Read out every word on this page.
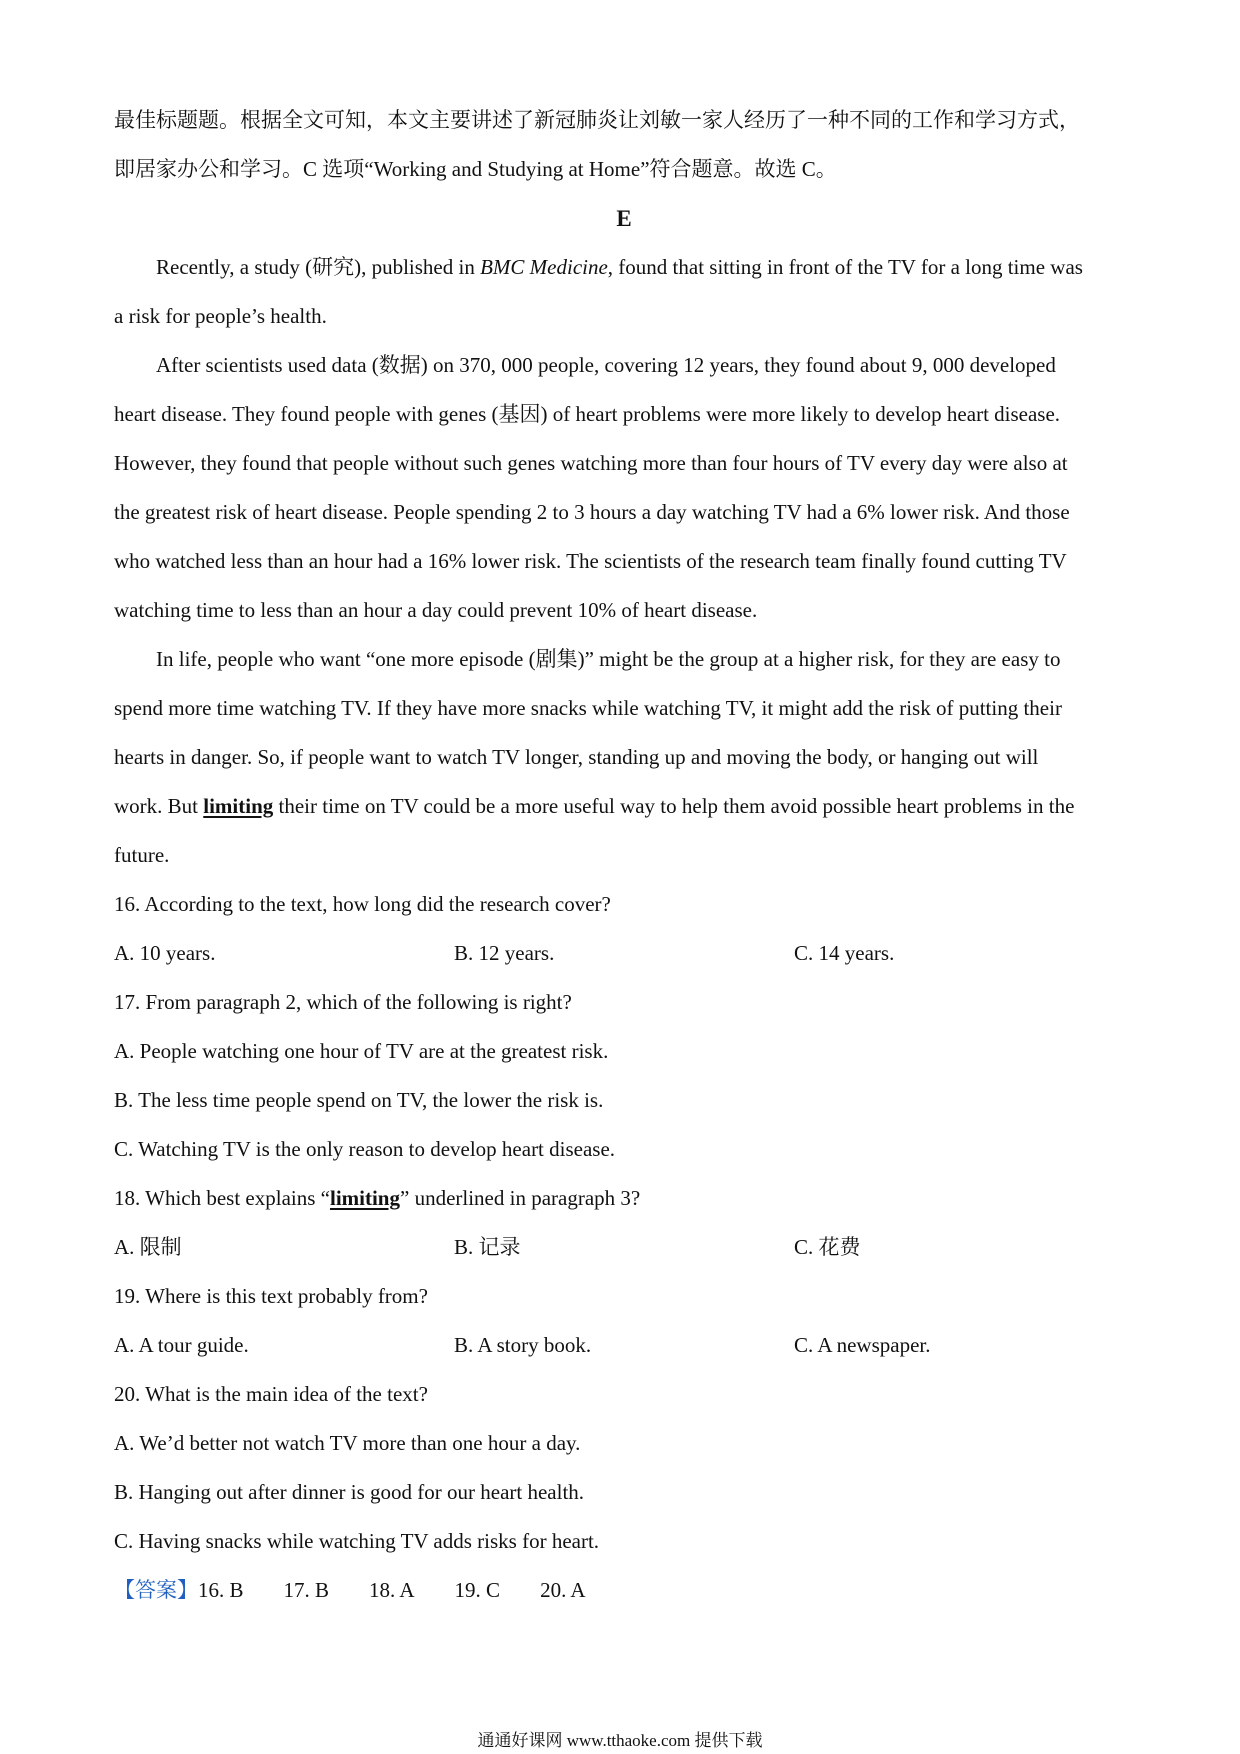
最佳标题题。根据全文可知，本文主要讲述了新冠肺炎让刘敏一家人经历了一种不同的工作和学习方式，
即居家办公和学习。C 选项“Working and Studying at Home”符合题意。故选 C。
E
Recently, a study (研究), published in BMC Medicine, found that sitting in front of the TV for a long time was
a risk for people’s health.
After scientists used data (数据) on 370, 000 people, covering 12 years, they found about 9, 000 developed
heart disease. They found people with genes (基因) of heart problems were more likely to develop heart disease.
However, they found that people without such genes watching more than four hours of TV every day were also at
the greatest risk of heart disease. People spending 2 to 3 hours a day watching TV had a 6% lower risk. And those
who watched less than an hour had a 16% lower risk. The scientists of the research team finally found cutting TV
watching time to less than an hour a day could prevent 10% of heart disease.
In life, people who want “one more episode (剧集)” might be the group at a higher risk, for they are easy to
spend more time watching TV. If they have more snacks while watching TV, it might add the risk of putting their
hearts in danger. So, if people want to watch TV longer, standing up and moving the body, or hanging out will
work. But limiting their time on TV could be a more useful way to help them avoid possible heart problems in the
future.
16. According to the text, how long did the research cover?
A. 10 years.	B. 12 years.	C. 14 years.
17. From paragraph 2, which of the following is right?
A. People watching one hour of TV are at the greatest risk.
B. The less time people spend on TV, the lower the risk is.
C. Watching TV is the only reason to develop heart disease.
18. Which best explains “limiting” underlined in paragraph 3?
A. 限制	B. 记录	C. 花费
19. Where is this text probably from?
A. A tour guide.	B. A story book.	C. A newspaper.
20. What is the main idea of the text?
A. We’d better not watch TV more than one hour a day.
B. Hanging out after dinner is good for our heart health.
C. Having snacks while watching TV adds risks for heart.
【答案】16. B 17. B 18. A 19. C 20. A
通通好课网 www.tthaoke.com 提供下载
